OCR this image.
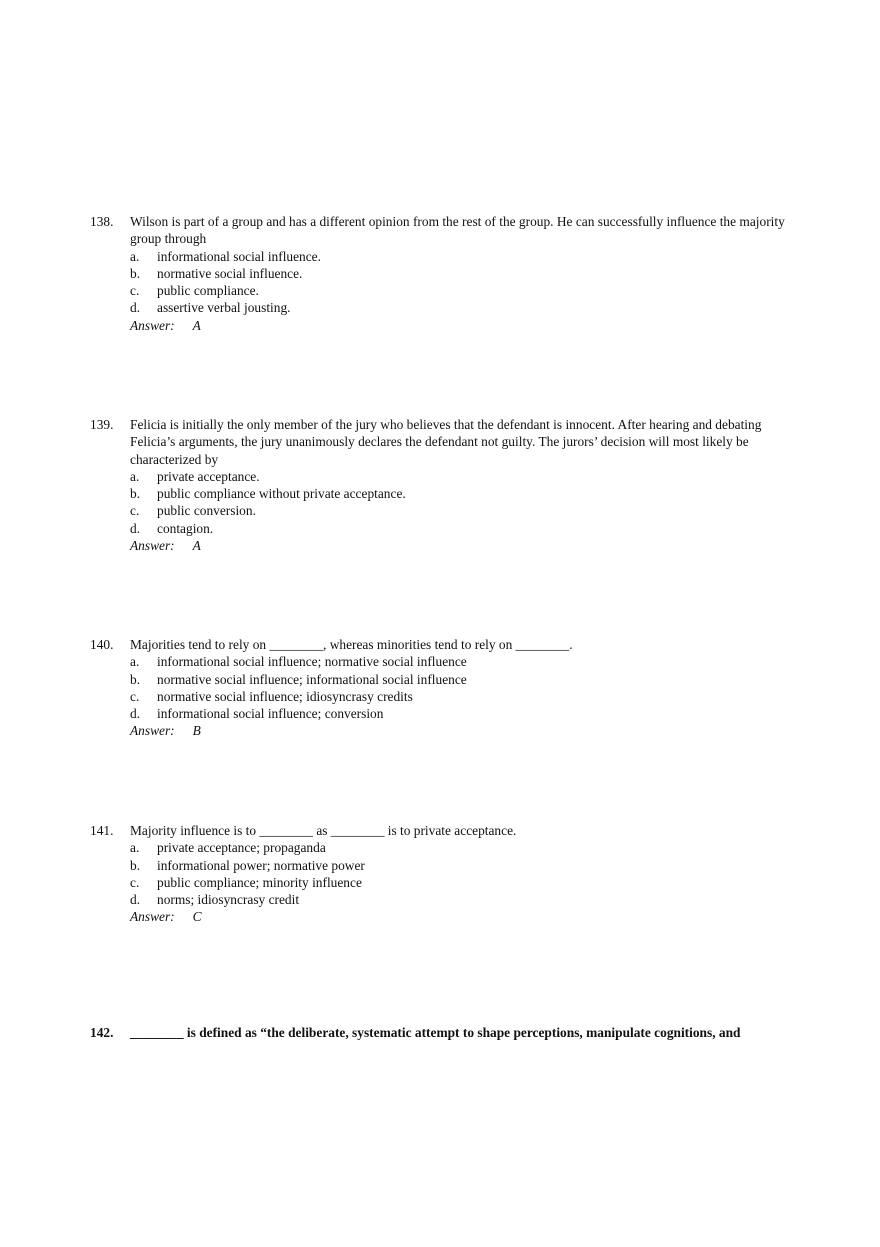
138. Wilson is part of a group and has a different opinion from the rest of the group. He can successfully influence the majority group through
a. informational social influence.
b. normative social influence.
c. public compliance.
d. assertive verbal jousting.
Answer: A
139. Felicia is initially the only member of the jury who believes that the defendant is innocent. After hearing and debating Felicia’s arguments, the jury unanimously declares the defendant not guilty. The jurors’ decision will most likely be characterized by
a. private acceptance.
b. public compliance without private acceptance.
c. public conversion.
d. contagion.
Answer: A
140. Majorities tend to rely on ________, whereas minorities tend to rely on ________.
a. informational social influence; normative social influence
b. normative social influence; informational social influence
c. normative social influence; idiosyncrasy credits
d. informational social influence; conversion
Answer: B
141. Majority influence is to ________ as ________ is to private acceptance.
a. private acceptance; propaganda
b. informational power; normative power
c. public compliance; minority influence
d. norms; idiosyncrasy credit
Answer: C
142. ________ is defined as “the deliberate, systematic attempt to shape perceptions, manipulate cognitions, and
